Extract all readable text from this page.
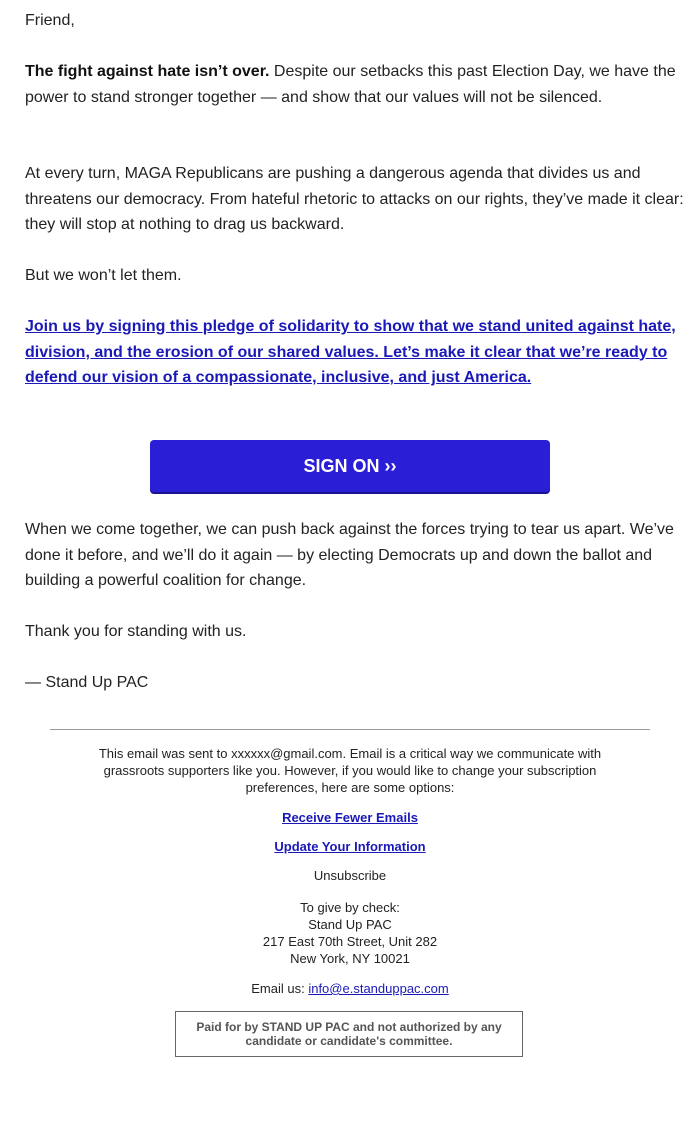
Friend,

The fight against hate isn’t over. Despite our setbacks this past Election Day, we have the power to stand stronger together — and show that our values will not be silenced.

At every turn, MAGA Republicans are pushing a dangerous agenda that divides us and threatens our democracy. From hateful rhetoric to attacks on our rights, they’ve made it clear: they will stop at nothing to drag us backward.

But we won’t let them.

Join us by signing this pledge of solidarity to show that we stand united against hate, division, and the erosion of our shared values. Let’s make it clear that we’re ready to defend our vision of a compassionate, inclusive, and just America.

SIGN ON ››

When we come together, we can push back against the forces trying to tear us apart. We’ve done it before, and we’ll do it again — by electing Democrats up and down the ballot and building a powerful coalition for change.

Thank you for standing with us.

— Stand Up PAC

This email was sent to xxxxxx@gmail.com. Email is a critical way we communicate with grassroots supporters like you. However, if you would like to change your subscription preferences, here are some options:

Receive Fewer Emails

Update Your Information

Unsubscribe

To give by check:
Stand Up PAC
217 East 70th Street, Unit 282
New York, NY 10021

Email us: info@e.standuppac.com

Paid for by STAND UP PAC and not authorized by any candidate or candidate's committee.
